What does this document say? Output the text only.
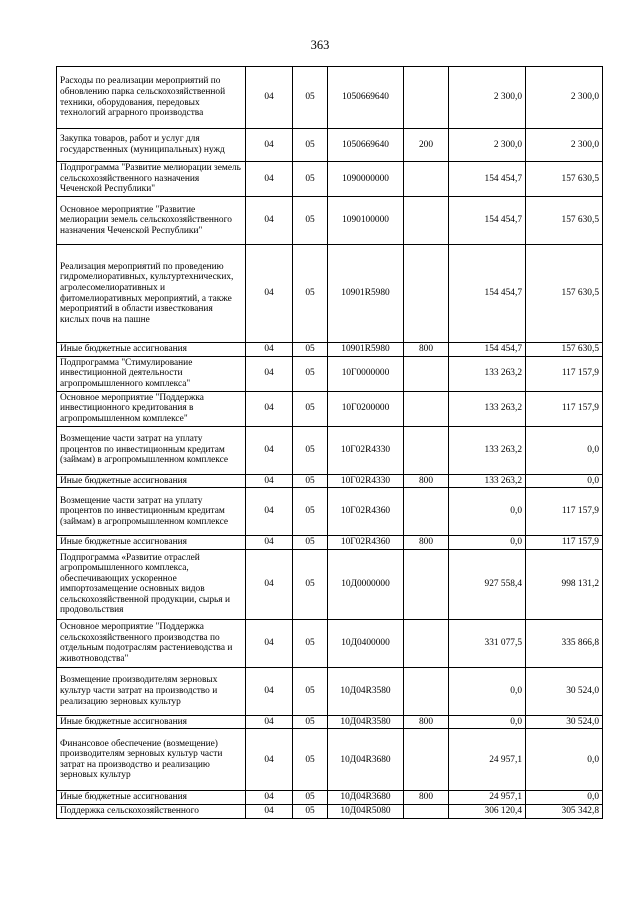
363
Расходы по реализации мероприятий по обновлению парка сельскохозяйственной техники, оборудования, передовых технологий аграрного производства	04	05	1050669640		2 300,0	2 300,0
Закупка товаров, работ и услуг для государственных (муниципальных) нужд	04	05	1050669640	200	2 300,0	2 300,0
Подпрограмма "Развитие мелиорации земель сельскохозяйственного назначения Чеченской Республики"	04	05	1090000000		154 454,7	157 630,5
Основное мероприятие "Развитие мелиорации земель сельскохозяйственного назначения Чеченской Республики"	04	05	1090100000		154 454,7	157 630,5
Реализация мероприятий по проведению гидромелиоративных, культуртехнических, агролесомелиоративных и фитомелиоративных мероприятий, а также мероприятий в области известкования кислых почв на пашне	04	05	10901R5980		154 454,7	157 630,5
Иные бюджетные ассигнования	04	05	10901R5980	800	154 454,7	157 630,5
Подпрограмма "Стимулирование инвестиционной деятельности агропромышленного комплекса"	04	05	10Г0000000		133 263,2	117 157,9
Основное мероприятие "Поддержка инвестиционного кредитования в агропромышленном комплексе"	04	05	10Г0200000		133 263,2	117 157,9
Возмещение части затрат на уплату процентов по инвестиционным кредитам (займам) в агропромышленном комплексе	04	05	10Г02R4330		133 263,2	0,0
Иные бюджетные ассигнования	04	05	10Г02R4330	800	133 263,2	0,0
Возмещение части затрат на уплату процентов по инвестиционным кредитам (займам) в агропромышленном комплексе	04	05	10Г02R4360		0,0	117 157,9
Иные бюджетные ассигнования	04	05	10Г02R4360	800	0,0	117 157,9
Подпрограмма «Развитие отраслей агропромышленного комплекса, обеспечивающих ускоренное импортозамещение основных видов сельскохозяйственной продукции, сырья и продовольствия	04	05	10Д0000000		927 558,4	998 131,2
Основное мероприятие "Поддержка сельскохозяйственного производства по отдельным подотраслям растениеводства и животноводства"	04	05	10Д0400000		331 077,5	335 866,8
Возмещение производителям зерновых культур части затрат на производство и реализацию зерновых культур	04	05	10Д04R3580		0,0	30 524,0
Иные бюджетные ассигнования	04	05	10Д04R3580	800	0,0	30 524,0
Финансовое обеспечение (возмещение) производителям зерновых культур части затрат на производство и реализацию зерновых культур	04	05	10Д04R3680		24 957,1	0,0
Иные бюджетные ассигнования	04	05	10Д04R3680	800	24 957,1	0,0
Поддержка сельскохозяйственного	04	05	10Д04R5080		306 120,4	305 342,8
